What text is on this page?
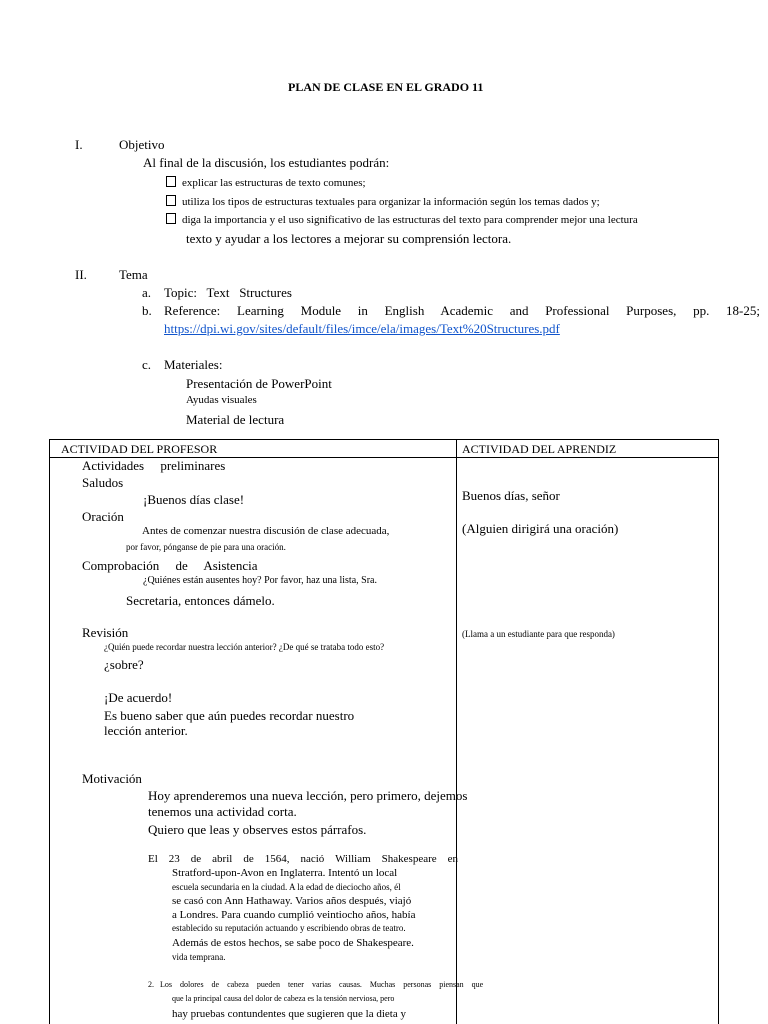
PLAN DE CLASE EN EL GRADO 11
I.	Objetivo
Al final de la discusión, los estudiantes podrán:
explicar las estructuras de texto comunes;
utiliza los tipos de estructuras textuales para organizar la información según los temas dados y;
diga la importancia y el uso significativo de las estructuras del texto para comprender mejor una lectura
texto y ayudar a los lectores a mejorar su comprensión lectora.
II. Tema
a. Topic:   Text   Structures
b. Reference: Learning Module in English Academic and Professional Purposes, pp. 18-25;
https://dpi.wi.gov/sites/default/files/imce/ela/images/Text%20Structures.pdf
c. Materiales:
Presentación de PowerPoint
Ayudas visuales
Material de lectura
ACTIVIDAD DEL PROFESOR	ACTIVIDAD DEL APRENDIZ
Actividades     preliminares
Saludos
¡Buenos días clase!
Oración
Antes de comenzar nuestra discusión de clase adecuada,
por favor, pónganse de pie para una oración.
Comprobación     de     Asistencia
¿Quiénes están ausentes hoy? Por favor, haz una lista, Sra.
Secretaria, entonces dámelo.
Revisión
¿Quién puede recordar nuestra lección anterior? ¿De qué se trataba todo esto?
¿sobre?
¡De acuerdo!
Es bueno saber que aún puedes recordar nuestro
lección anterior.
Motivación
Hoy aprenderemos una nueva lección, pero primero, dejemos
tenemos una actividad corta.
Quiero que leas y observes estos párrafos.
El    23    de    abril    de    1564,    nació    William    Shakespeare    en
Stratford-upon-Avon en Inglaterra. Intentó un local
escuela secundaria en la ciudad. A la edad de dieciocho años, él
se casó con Ann Hathaway. Varios años después, viajó
a Londres. Para cuando cumplió veintiocho años, había
establecido su reputación actuando y escribiendo obras de teatro.
Además de estos hechos, se sabe poco de Shakespeare.
vida temprana.
2.   Los    dolores    de    cabeza    pueden    tener    varias    causas.    Muchas    personas    piensan    que
que la principal causa del dolor de cabeza es la tensión nerviosa, pero
hay pruebas contundentes que sugieren que la dieta y
Buenos días, señor
(Alguien dirigirá una oración)
(Llama a un estudiante para que responda)
